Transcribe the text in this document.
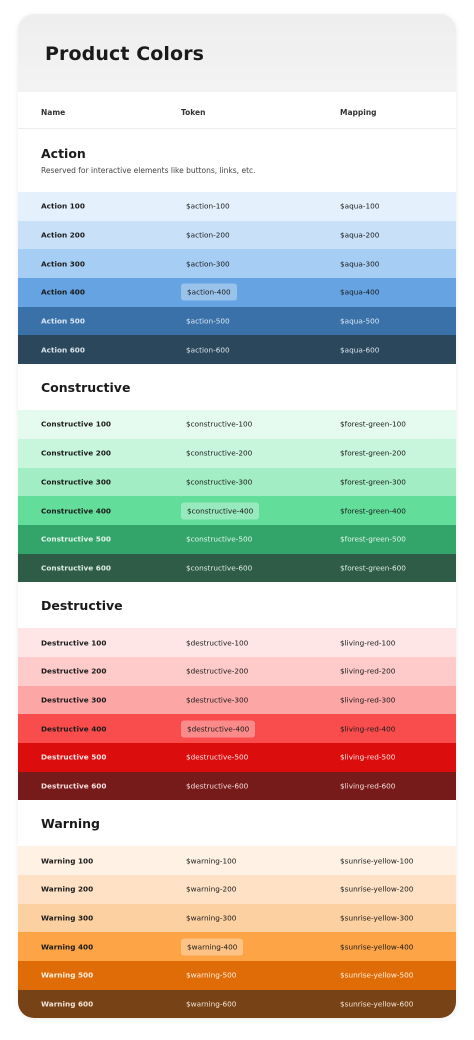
Product Colors
Name	Token	Mapping
Action
Reserved for interactive elements like buttons, links, etc.
Action 100	$action-100	$aqua-100
Action 200	$action-200	$aqua-200
Action 300	$action-300	$aqua-300
Action 400	$action-400	$aqua-400
Action 500	$action-500	$aqua-500
Action 600	$action-600	$aqua-600
Constructive
Constructive 100	$constructive-100	$forest-green-100
Constructive 200	$constructive-200	$forest-green-200
Constructive 300	$constructive-300	$forest-green-300
Constructive 400	$constructive-400	$forest-green-400
Constructive 500	$constructive-500	$forest-green-500
Constructive 600	$constructive-600	$forest-green-600
Destructive
Destructive 100	$destructive-100	$living-red-100
Destructive 200	$destructive-200	$living-red-200
Destructive 300	$destructive-300	$living-red-300
Destructive 400	$destructive-400	$living-red-400
Destructive 500	$destructive-500	$living-red-500
Destructive 600	$destructive-600	$living-red-600
Warning
Warning 100	$warning-100	$sunrise-yellow-100
Warning 200	$warning-200	$sunrise-yellow-200
Warning 300	$warning-300	$sunrise-yellow-300
Warning 400	$warning-400	$sunrise-yellow-400
Warning 500	$warning-500	$sunrise-yellow-500
Warning 600	$warning-600	$sunrise-yellow-600
